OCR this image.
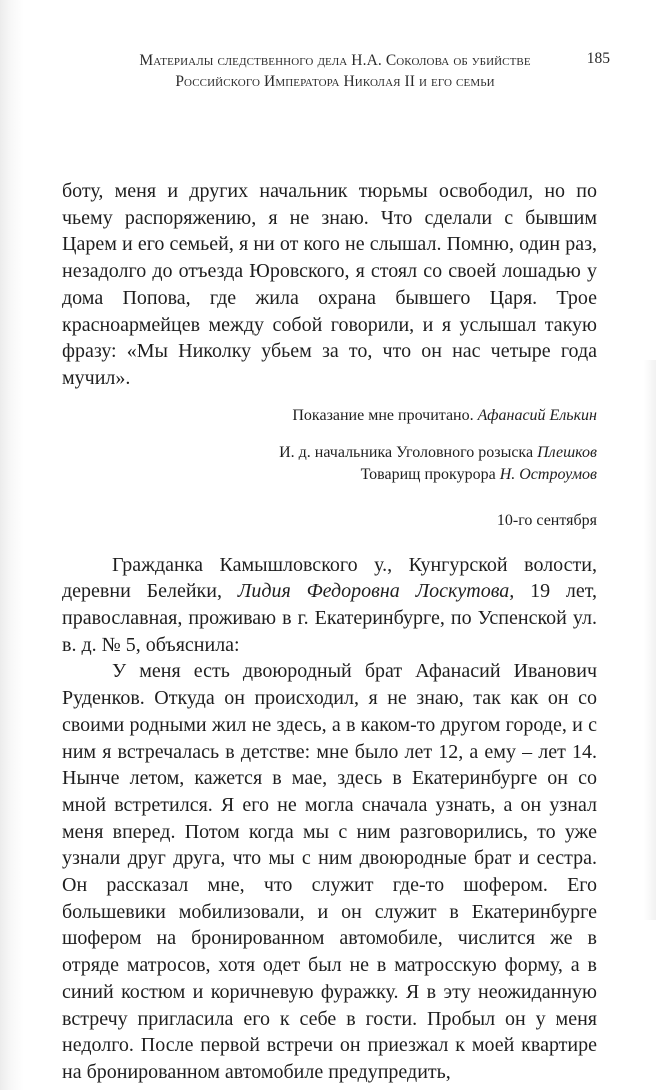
Материалы следственного дела Н.А. Соколова об убийстве
Российского Императора Николая II и его семьи
185

боту, меня и других начальник тюрьмы освободил, но по чьему распоряжению, я не знаю. Что сделали с бывшим Царем и его семьей, я ни от кого не слышал. Помню, один раз, незадолго до отъезда Юровского, я стоял со своей лошадью у дома Попова, где жила охрана бывшего Царя. Трое красноармейцев между собой говорили, и я услышал такую фразу: «Мы Николку убьем за то, что он нас четыре года мучил».

Показание мне прочитано. Афанасий Елькин

И. д. начальника Уголовного розыска Плешков

Товарищ прокурора Н. Остроумов

10-го сентября

Гражданка Камышловского у., Кунгурской волости, деревни Белейки, Лидия Федоровна Лоскутова, 19 лет, православная, проживаю в г. Екатеринбурге, по Успенской ул. в. д. № 5, объяснила:

У меня есть двоюродный брат Афанасий Иванович Руденков. Откуда он происходил, я не знаю, так как он со своими родными жил не здесь, а в каком-то другом городе, и с ним я встречалась в детстве: мне было лет 12, а ему – лет 14. Нынче летом, кажется в мае, здесь в Екатеринбурге он со мной встретился. Я его не могла сначала узнать, а он узнал меня вперед. Потом когда мы с ним разговорились, то уже узнали друг друга, что мы с ним двоюродные брат и сестра. Он рассказал мне, что служит где-то шофером. Его большевики мобилизовали, и он служит в Екатеринбурге шофером на бронированном автомобиле, числится же в отряде матросов, хотя одет был не в матросскую форму, а в синий костюм и коричневую фуражку. Я в эту неожиданную встречу пригласила его к себе в гости. Пробыл он у меня недолго. После первой встречи он приезжал к моей квартире на бронированном автомобиле предупредить,
